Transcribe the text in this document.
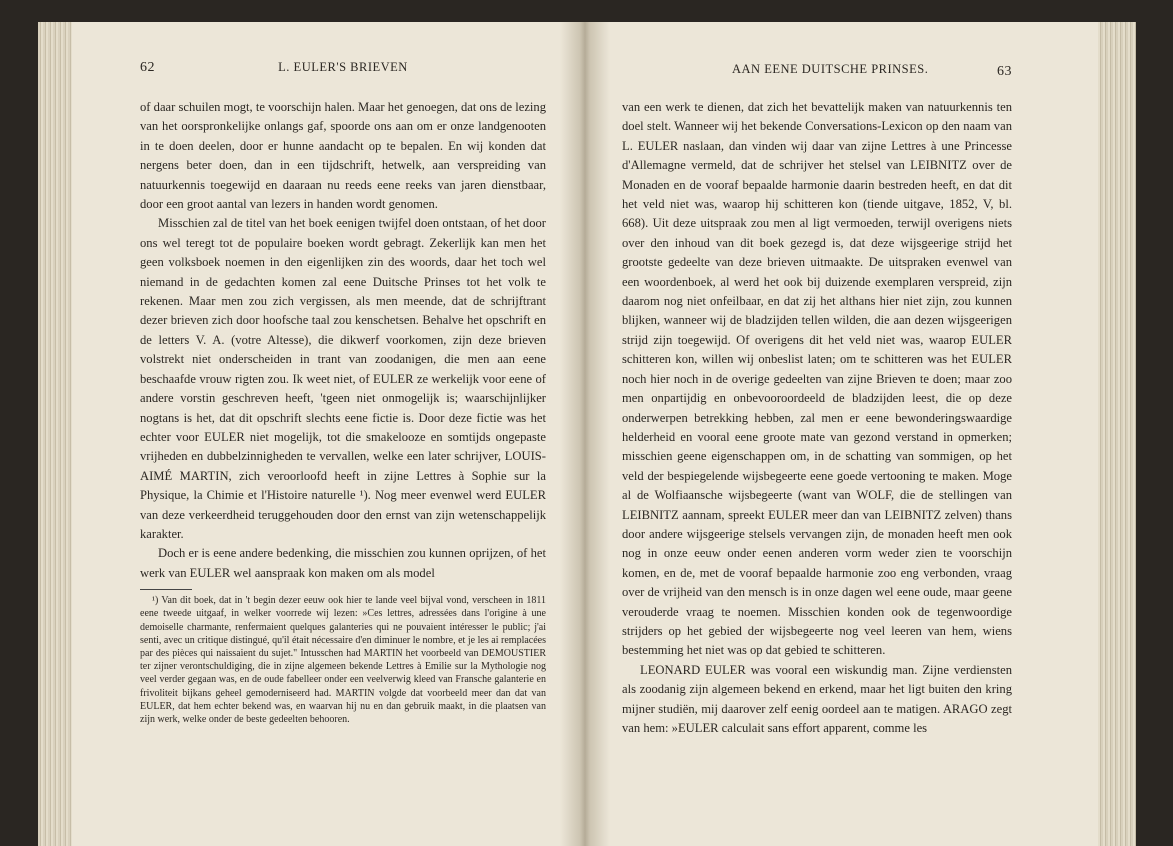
62	L. EULER'S BRIEVEN

of daar schuilen mogt, te voorschijn halen. Maar het genoegen, dat ons de lezing van het oorspronkelijke onlangs gaf, spoorde ons aan om er onze landgenooten in te doen deelen, door er hunne aandacht op te bepalen. En wij konden dat nergens beter doen, dan in een tijdschrift, hetwelk, aan verspreiding van natuurkennis toegewijd en daaraan nu reeds eene reeks van jaren dienstbaar, door een groot aantal van lezers in handen wordt genomen.

Misschien zal de titel van het boek eenigen twijfel doen ontstaan, of het door ons wel teregt tot de populaire boeken wordt gebragt. Zekerlijk kan men het geen volksboek noemen in den eigenlijken zin des woords, daar het toch wel niemand in de gedachten komen zal eene Duitsche Prinses tot het volk te rekenen. Maar men zou zich vergissen, als men meende, dat de schrijftrant dezer brieven zich door hoofsche taal zou kenschetsen. Behalve het opschrift en de letters V. A. (votre Altesse), die dikwerf voorkomen, zijn deze brieven volstrekt niet onderscheiden in trant van zoodanigen, die men aan eene beschaafde vrouw rigten zou. Ik weet niet, of EULER ze werkelijk voor eene of andere vorstin geschreven heeft, 'tgeen niet onmogelijk is; waarschijnlijker nogtans is het, dat dit opschrift slechts eene fictie is. Door deze fictie was het echter voor EULER niet mogelijk, tot die smakelooze en somtijds ongepaste vrijheden en dubbelzinnigheden te vervallen, welke een later schrijver, LOUIS-AIMÉ MARTIN, zich veroorloofd heeft in zijne Lettres à Sophie sur la Physique, la Chimie et l'Histoire naturelle ¹). Nog meer evenwel werd EULER van deze verkeerdheid teruggehouden door den ernst van zijn wetenschappelijk karakter.

Doch er is eene andere bedenking, die misschien zou kunnen oprijzen, of het werk van EULER wel aanspraak kon maken om als model

¹) Van dit boek, dat in 't begin dezer eeuw ook hier te lande veel bijval vond, verscheen in 1811 eene tweede uitgaaf, in welker voorrede wij lezen: »Ces lettres, adressées dans l'origine à une demoiselle charmante, renfermaient quelques galanteries qui ne pouvaient intéresser le public; j'ai senti, avec un critique distingué, qu'il était nécessaire d'en diminuer le nombre, et je les ai remplacées par des pièces qui naissaient du sujet." Intusschen had MARTIN het voorbeeld van DEMOUSTIER ter zijner verontschuldiging, die in zijne algemeen bekende Lettres à Emilie sur la Mythologie nog veel verder gegaan was, en de oude fabelleer onder een veelverwig kleed van Fransche galanterie en frivoliteit bijkans geheel gemoderniseerd had. MARTIN volgde dat voorbeeld meer dan dat van EULER, dat hem echter bekend was, en waarvan hij nu en dan gebruik maakt, in die plaatsen van zijn werk, welke onder de beste gedeelten behooren.

AAN EENE DUITSCHE PRINSES.	63

van een werk te dienen, dat zich het bevattelijk maken van natuurkennis ten doel stelt. Wanneer wij het bekende Conversations-Lexicon op den naam van L. EULER naslaan, dan vinden wij daar van zijne Lettres à une Princesse d'Allemagne vermeld, dat de schrijver het stelsel van LEIBNITZ over de Monaden en de vooraf bepaalde harmonie daarin bestreden heeft, en dat dit het veld niet was, waarop hij schitteren kon (tiende uitgave, 1852, V, bl. 668). Uit deze uitspraak zou men al ligt vermoeden, terwijl overigens niets over den inhoud van dit boek gezegd is, dat deze wijsgeerige strijd het grootste gedeelte van deze brieven uitmaakte. De uitspraken evenwel van een woordenboek, al werd het ook bij duizende exemplaren verspreid, zijn daarom nog niet onfeilbaar, en dat zij het althans hier niet zijn, zou kunnen blijken, wanneer wij de bladzijden tellen wilden, die aan dezen wijsgeerigen strijd zijn toegewijd. Of overigens dit het veld niet was, waarop EULER schitteren kon, willen wij onbeslist laten; om te schitteren was het EULER noch hier noch in de overige gedeelten van zijne Brieven te doen; maar zoo men onpartijdig en onbevooroordeeld de bladzijden leest, die op deze onderwerpen betrekking hebben, zal men er eene bewonderingswaardige helderheid en vooral eene groote mate van gezond verstand in opmerken; misschien geene eigenschappen om, in de schatting van sommigen, op het veld der bespiegelende wijsbegeerte eene goede vertooning te maken. Moge al de Wolfiaansche wijsbegeerte (want van WOLF, die de stellingen van LEIBNITZ aannam, spreekt EULER meer dan van LEIBNITZ zelven) thans door andere wijsgeerige stelsels vervangen zijn, de monaden heeft men ook nog in onze eeuw onder eenen anderen vorm weder zien te voorschijn komen, en de, met de vooraf bepaalde harmonie zoo eng verbonden, vraag over de vrijheid van den mensch is in onze dagen wel eene oude, maar geene verouderde vraag te noemen. Misschien konden ook de tegenwoordige strijders op het gebied der wijsbegeerte nog veel leeren van hem, wiens bestemming het niet was op dat gebied te schitteren.

LEONARD EULER was vooral een wiskundig man. Zijne verdiensten als zoodanig zijn algemeen bekend en erkend, maar het ligt buiten den kring mijner studiën, mij daarover zelf eenig oordeel aan te matigen. ARAGO zegt van hem: »EULER calculait sans effort apparent, comme les
